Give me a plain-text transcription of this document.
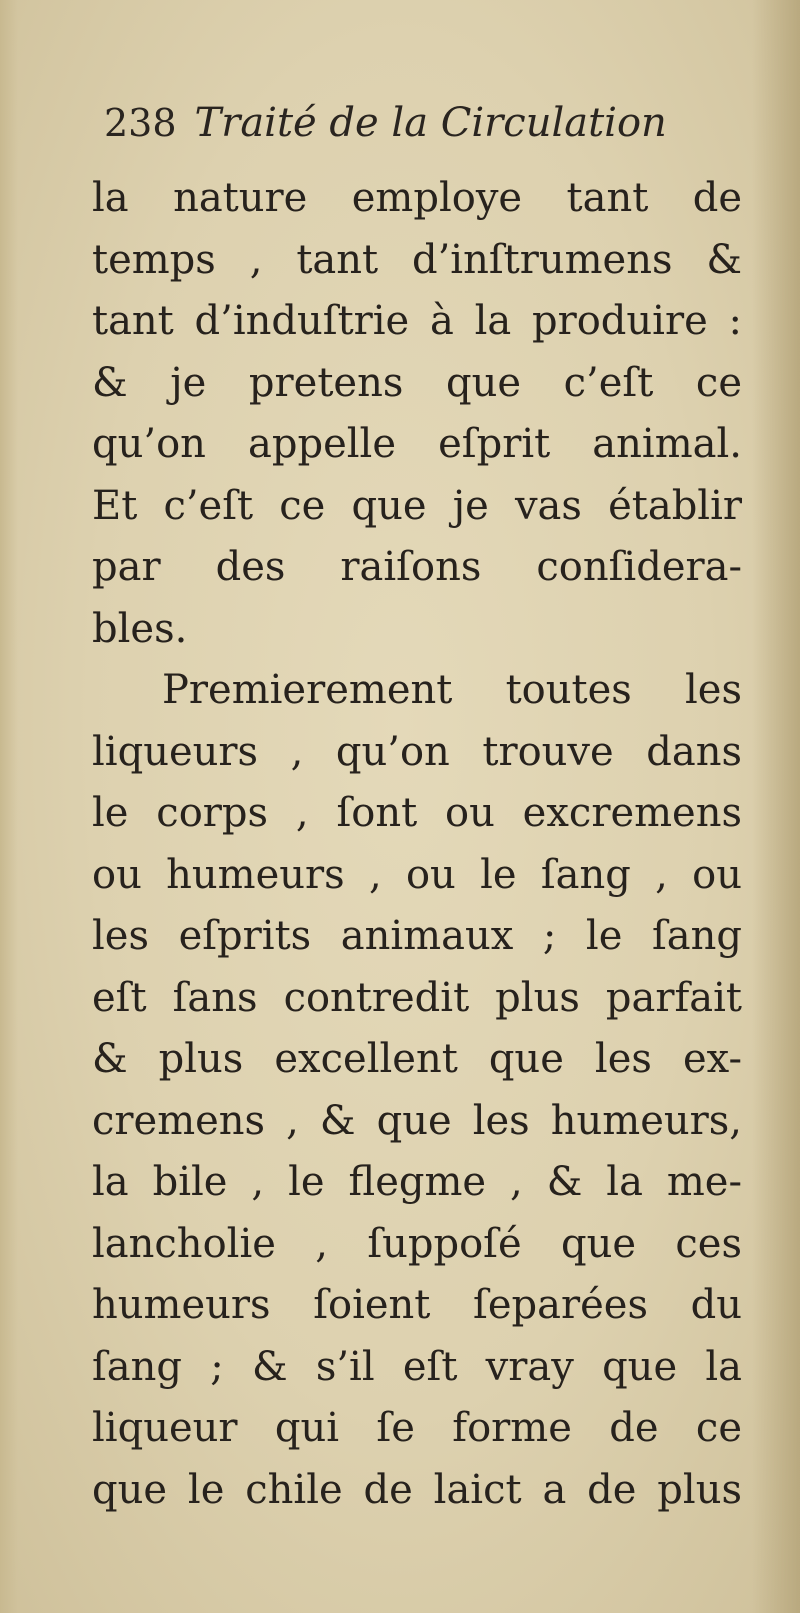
238 Traité de la Circulation
la nature employe tant de
temps , tant d’inſtrumens &
tant d’induſtrie à la produire :
& je pretens que c’eſt ce
qu’on appelle eſprit animal.
Et c’eſt ce que je vas établir
par des raiſons conſidera-
bles.
Premierement toutes les
liqueurs , qu’on trouve dans
le corps , ſont ou excremens
ou humeurs , ou le ſang , ou
les eſprits animaux ; le ſang
eſt ſans contredit plus parfait
& plus excellent que les ex-
cremens , & que les humeurs,
la bile , le flegme , & la me-
lancholie , ſuppoſé que ces
humeurs ſoient ſeparées du
ſang ; & s’il eſt vray que la
liqueur qui ſe forme de ce
que le chile de laict a de plus
